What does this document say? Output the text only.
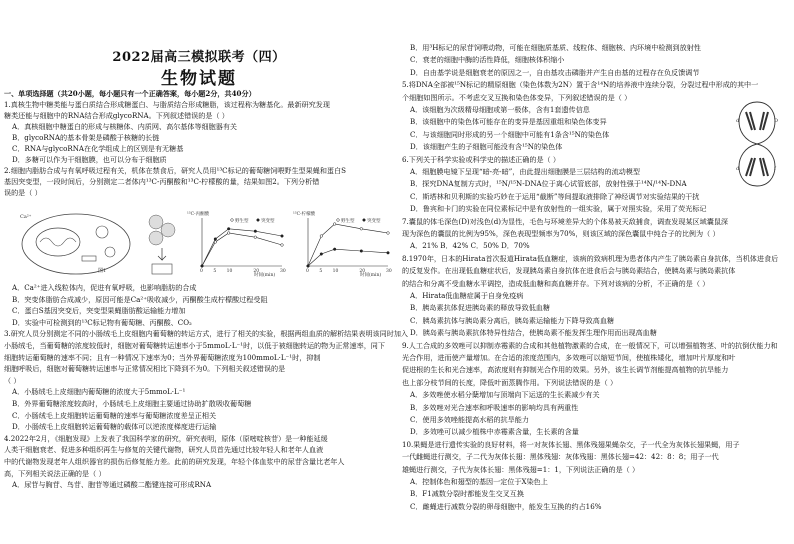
2022届高三模拟联考（四）
生物试题
一、单项选择题（共20小题，每小题只有一个正确答案，每小题2分，共40分）
1.真核生物中糖类能与蛋白质结合形成糖蛋白、与脂质结合形成糖脂，该过程称为糖基化。最新研究发现
糖类还能与细胞中的RNA结合形成glycoRNA。下列叙述错误的是（ ）
A．真核细胞中糖蛋白的形成与核糖体、内质网、高尔基体等细胞器有关
B．glycoRNA的基本骨架是磷酸于核糖的长链
C．RNA与glycoRNA在化学组成上的区别是有无糖基
D．多糖可以作为干细胞膜，也可以分布于细胞质
2.细胞内脂肪合成与有氧呼吸过程有关，机体在禁食后，研究人员用¹³C标记的葡萄糖饲喂野生型果蝇和蛋白S
基因突变型，一段时间后，分别测定二者体内¹³C-丙酮酸和¹³C-柠檬酸的量，结果如图2。下列分析错
误的是（ ）
A．Ca²⁺进入线粒体内，促进有氧呼吸，也影响脂肪的合成
B．突变体脂肪合成减少，原因可能是Ca²⁺吸收减少，丙酮酸生成柠檬酸过程受阻
C．蛋白S基因突变后，突变型果蝇脂肪酸运输能力增加
D．实验中可检测到的¹³C标记物有葡萄糖、丙酮酸、CO₂
3.研究人员分别测定不同的小肠绒毛上皮细胞内葡萄糖的转运方式，进行了相关的实验，根据两组血质的解析结果表明该同时加入
小肠绒毛，当葡萄糖的浓度较低时，细胞对葡萄糖转运速率小于5mmoL·L⁻¹时，以低于被细胞转运的物为正常速率，同下
细胞转运葡萄糖的速率不同；且有一种情况下速率为0；当外界葡萄糖浓度为100mmoL·L⁻¹时，抑制
细胞呼吸后，细胞对葡萄糖转运速率与正常情况相比下降到不为0。下列相关叙述错误的是
（ ）
A．小肠绒毛上皮细胞内葡萄糖的浓度大于5mmoL·L⁻¹
B．外界葡萄糖浓度较高时，小肠绒毛上皮细胞主要通过协助扩散吸收葡萄糖
C．小肠绒毛上皮细胞转运葡萄糖的速率与葡萄糖浓度差呈正相关
D．小肠绒毛上皮细胞转运葡萄糖的载体可以逆浓度梯度进行运输
4.2022年2月，《细胞发现》上发表了我国科学家的研究，研究表明，原体（原嘧啶核苷）是一种能延缓
人类干细胞衰老、促进多种组织再生与修复的关键代谢物，研究人员首先通过比较年轻人和老年人血液
中的代谢物发现老年人组织器官的损伤后修复能力差。此前的研究发现，年轻个体血浆中的尿苷含量比老年人
高，下列相关说法正确的是（ ）
A．尿苷与胸苷、鸟苷、胞苷等通过磷酸二酯键连接可形成RNA
Ca²⁺
图1	0 5 10	20	30
¹³C-丙酮酸
时间(min)
野生型	突变型
0 5 10	20	30
¹³C-柠檬酸
时间(min)
野生型	突变型
B．用³H标记的尿苷饲喂动物，可能在细胞质基质、线粒体、细胞核、内环境中检测到放射性
C．衰老的细胞中酶的活性降低，细胞核体积缩小
D．自由基学说是细胞衰老的原因之一，自由基攻击磷脂并产生自由基的过程存在负反馈调节
5.将DNA全部被¹⁵N标记的精原细胞（染色体数为2N）置于含¹⁴N的培养液中连续分裂，分裂过程中形成的其中一
个细胞如图所示。不考虑交叉互换和染色体变异，下列叙述错误的是（ ）
A．该细胞为次级精母细胞或第一极体，含有1套遗传信息
B．该细胞中的染色体可能存在的变异是基因重组和染色体变异
C．与该细胞同时形成的另一个细胞中可能有1条含¹⁵N的染色体
D．该细胞产生的子细胞可能没有含¹⁵N的染色体
6.下列关于科学实验或科学史的描述正确的是（ ）
A．细胞膜电镜下呈现“暗-亮-暗”，由此提出细胞膜是三层结构的流动模型
B．探究DNA复制方式时，¹⁵N/¹⁵N-DNA位于离心试管底部，放射性强于¹⁴N/¹⁴N-DNA
C．斯塔林和贝利斯的实验巧妙在于运用“截断”等间提取液排除了神经调节对实验结果的干扰
D．鲁宾和卡门的实验在同位素标记中是有放射性的一组实验，属于对照实验，采用了荧光标记
7.囊鼠的体毛深色(D)对浅色(d)为显性，毛色与环境差异大的个体易被天敌捕食，调查发现某区域囊鼠深
现为深色的囊鼠的比例为95%，深色表现型频率为70%，则该区域的深色囊鼠中纯合子的比例为（ ）
A．21% B．42% C．50% D．70%
8.1970年，日本的Hirata首次报道Hirata低血糖症，该病的致病机理为患者体内产生了胰岛素自身抗体，当机体进食后
的反复发作。在出现低血糖症状后，发现胰岛素自身抗体在进食后会与胰岛素结合，使胰岛素与胰岛素抗体
的结合和分离不受血糖水平调控，造成低血糖和高血糖并存。下列对该病的分析，不正确的是（ ）
A．Hirata低血糖症属于自身免疫病
B．胰岛素抗体促进胰岛素的释放导致低血糖
C．胰岛素抗体与胰岛素分离后，胰岛素运输能力下降导致高血糖
D．胰岛素与胰岛素抗体特异性结合，使胰岛素不能发挥生理作用而出现高血糖
9.人工合成的多效唑可以抑制赤霉素的合成和其他植物激素的合成，在一般情况下，可以增强植物茎、叶的抗倒伏能力和
光合作用，进而使产量增加。在合适的浓度范围内，多效唑可以缩短节间，使植株矮化，增加叶片厚度和叶
促进根的生长和光合速率，高浓度则有抑制光合作用的效果。另外，该生长调节剂能提高植物的抗旱能力
也上部分枝节间的长度，降低叶面蒸腾作用。下列说法错误的是（ ）
A．多效唑使水稻分蘖增加与顶端向下运送的生长素减少有关
B．多效唑对光合速率和呼吸速率的影响均具有两重性
C．使用多效唑能提高水稻的抗旱能力
D．多效唑可以减少植株中赤霉素含量，生长素的含量
10.果蝇是进行遗传实验的良好材料，将一对灰体长翅、黑体残翅果蝇杂交，子一代全为灰体长翅果蝇，用子
一代雌蝇进行测交，子二代为灰体长翅：黑体残翅：灰体残翅：黑体长翅=42：42：8：8；用子一代
雄蝇进行测交，子代为灰体长翅：黑体残翅=1：1，下列说法正确的是（ ）
A．控制体色和翅型的基因一定位于X染色上
B．F1减数分裂时都能发生交叉互换
C．雌蝇进行减数分裂的卵母细胞中，能发生互换的约占16%
d	D
d	f
